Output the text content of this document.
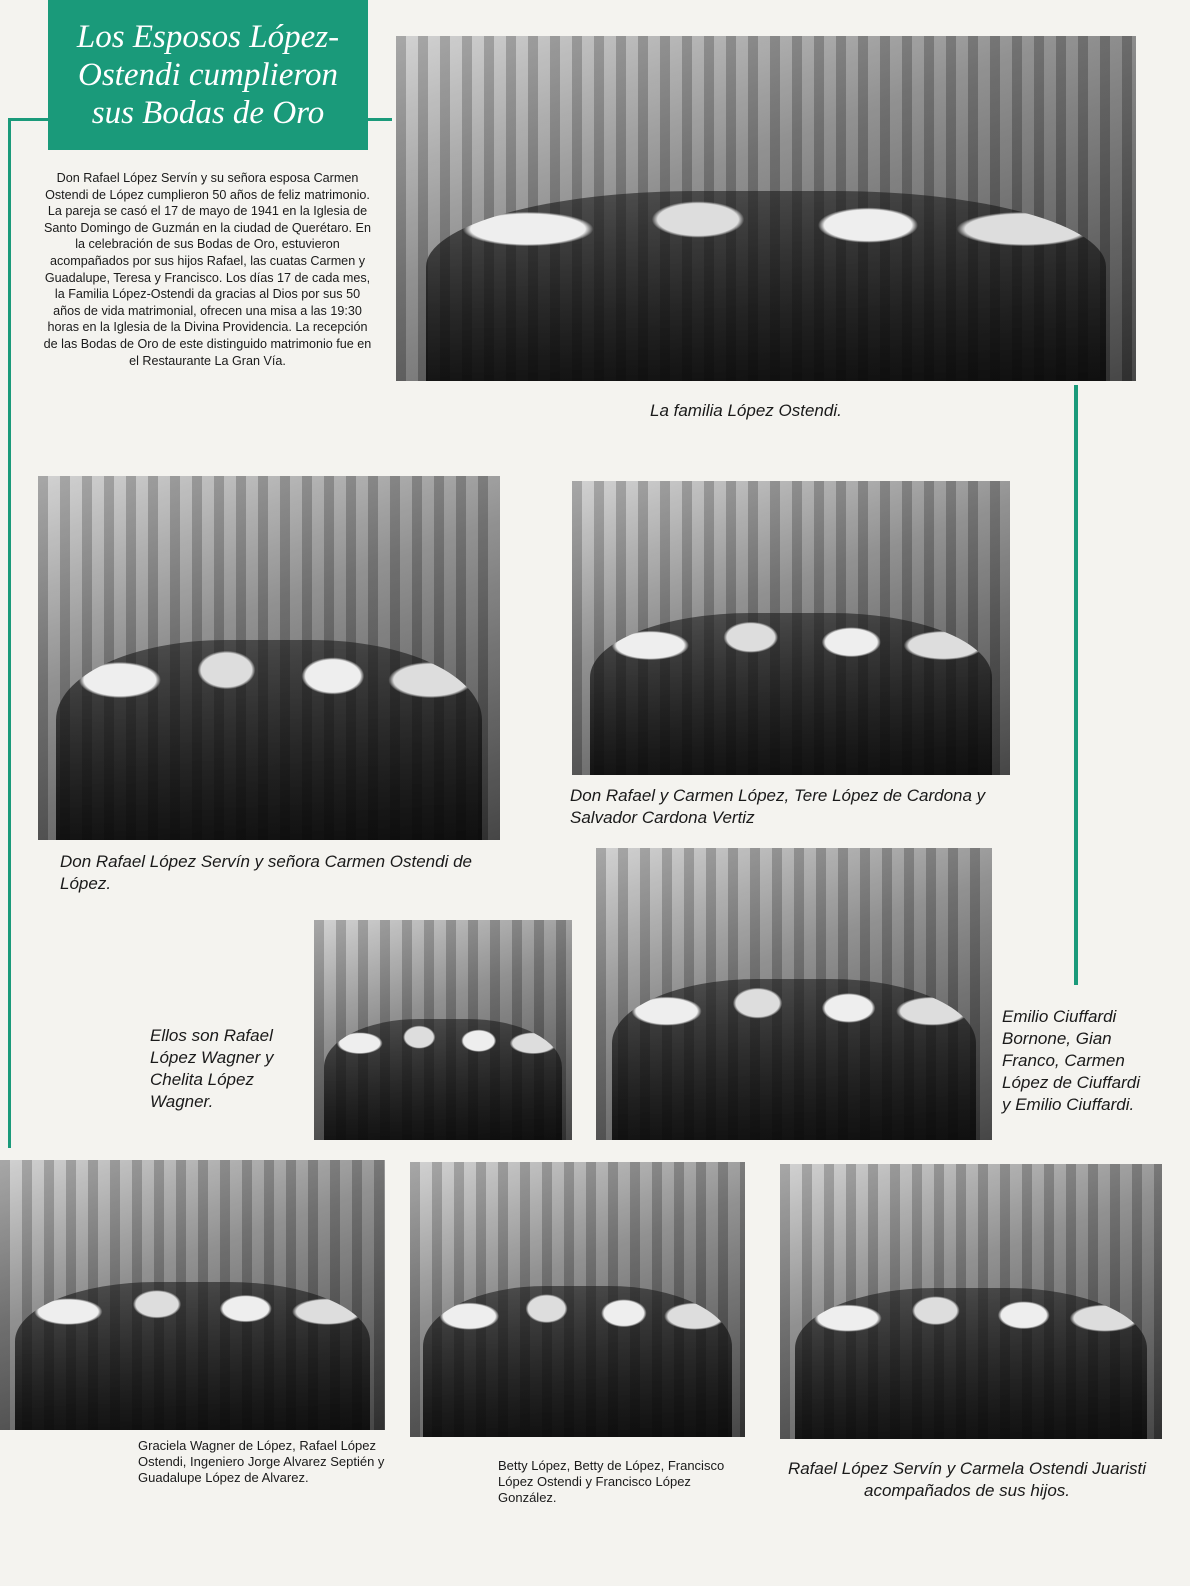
Los Esposos López-
Ostendi cumplieron
sus Bodas de Oro
Don Rafael López Servín y su señora esposa Carmen Ostendi de López cumplieron 50 años de feliz matrimonio. La pareja se casó el 17 de mayo de 1941 en la Iglesia de Santo Domingo de Guzmán en la ciudad de Querétaro. En la celebración de sus Bodas de Oro, estuvieron acompañados por sus hijos Rafael, las cuatas Carmen y Guadalupe, Teresa y Francisco. Los días 17 de cada mes, la Familia López-Ostendi da gracias al Dios por sus 50 años de vida matrimonial, ofrecen una misa a las 19:30 horas en la Iglesia de la Divina Providencia. La recepción de las Bodas de Oro de este distinguido matrimonio fue en el Restaurante La Gran Vía.
La familia López Ostendi.
Don Rafael López Servín y señora Carmen Ostendi de López.
Don Rafael y Carmen López, Tere López de Cardona y Salvador Cardona Vertiz
Ellos son Rafael López Wagner y Chelita López Wagner.
Emilio Ciuffardi Bornone, Gian Franco, Carmen López de Ciuffardi y Emilio Ciuffardi.
Graciela Wagner de López, Rafael López Ostendi, Ingeniero Jorge Alvarez Septién y Guadalupe López de Alvarez.
Betty López, Betty de López, Francisco López Ostendi y Francisco López González.
Rafael López Servín y Carmela Ostendi Juaristi acompañados de sus hijos.
